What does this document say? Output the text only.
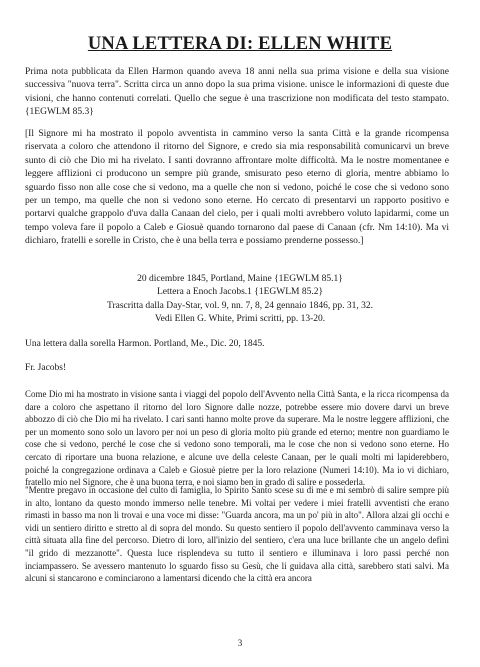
UNA LETTERA DI: ELLEN WHITE

Prima nota pubblicata da Ellen Harmon quando aveva 18 anni nella sua prima visione e della sua visione successiva "nuova terra". Scritta circa un anno dopo la sua prima visione. unisce le informazioni di queste due visioni, che hanno contenuti correlati. Quello che segue è una trascrizione non modificata del testo stampato. {1EGWLM 85.3}

[Il Signore mi ha mostrato il popolo avventista in cammino verso la santa Città e la grande ricompensa riservata a coloro che attendono il ritorno del Signore, e credo sia mia responsabilità comunicarvi un breve sunto di ciò che Dio mi ha rivelato. I santi dovranno affrontare molte difficoltà. Ma le nostre momentanee e leggere afflizioni ci producono un sempre più grande, smisurato peso eterno di gloria, mentre abbiamo lo sguardo fisso non alle cose che si vedono, ma a quelle che non si vedono, poiché le cose che si vedono sono per un tempo, ma quelle che non si vedono sono eterne. Ho cercato di presentarvi un rapporto positivo e portarvi qualche grappolo d'uva dalla Canaan del cielo, per i quali molti avrebbero voluto lapidarmi, come un tempo voleva fare il popolo a Caleb e Giosuè quando tornarono dal paese di Canaan (cfr. Nm 14:10). Ma vi dichiaro, fratelli e sorelle in Cristo, che è una bella terra e possiamo prenderne possesso.]

20 dicembre 1845, Portland, Maine {1EGWLM 85.1}
Lettera a Enoch Jacobs.1 {1EGWLM 85.2}
Trascritta dalla Day-Star, vol. 9, nn. 7, 8, 24 gennaio 1846, pp. 31, 32.
Vedi Ellen G. White, Primi scritti, pp. 13-20.

Una lettera dalla sorella Harmon. Portland, Me., Dic. 20, 1845.

Fr. Jacobs!

Come Dio mi ha mostrato in visione santa i viaggi del popolo dell'Avvento nella Città Santa, e la ricca ricompensa da dare a coloro che aspettano il ritorno del loro Signore dalle nozze, potrebbe essere mio dovere darvi un breve abbozzo di ciò che Dio mi ha rivelato. I cari santi hanno molte prove da superare. Ma le nostre leggere afflizioni, che per un momento sono solo un lavoro per noi un peso di gloria molto più grande ed eterno; mentre non guardiamo le cose che si vedono, perché le cose che si vedono sono temporali, ma le cose che non si vedono sono eterne. Ho cercato di riportare una buona relazione, e alcune uve della celeste Canaan, per le quali molti mi lapiderebbero, poiché la congregazione ordinava a Caleb e Giosuè pietre per la loro relazione (Numeri 14:10). Ma io vi dichiaro, fratello mio nel Signore, che è una buona terra, e noi siamo ben in grado di salire e possederla.

"Mentre pregavo in occasione del culto di famiglia, lo Spirito Santo scese su di me e mi sembrò di salire sempre più in alto, lontano da questo mondo immerso nelle tenebre. Mi voltai per vedere i miei fratelli avventisti che erano rimasti in basso ma non li trovai e una voce mi disse: "Guarda ancora, ma un po' più in alto". Allora alzai gli occhi e vidi un sentiero diritto e stretto al di sopra del mondo. Su questo sentiero il popolo dell'avvento camminava verso la città situata alla fine del percorso. Dietro di loro, all'inizio del sentiero, c'era una luce brillante che un angelo definì "il grido di mezzanotte". Questa luce risplendeva su tutto il sentiero e illuminava i loro passi perché non inciampassero. Se avessero mantenuto lo sguardo fisso su Gesù, che li guidava alla città, sarebbero stati salvi. Ma alcuni si stancarono e cominciarono a lamentarsi dicendo che la città era ancora

3
